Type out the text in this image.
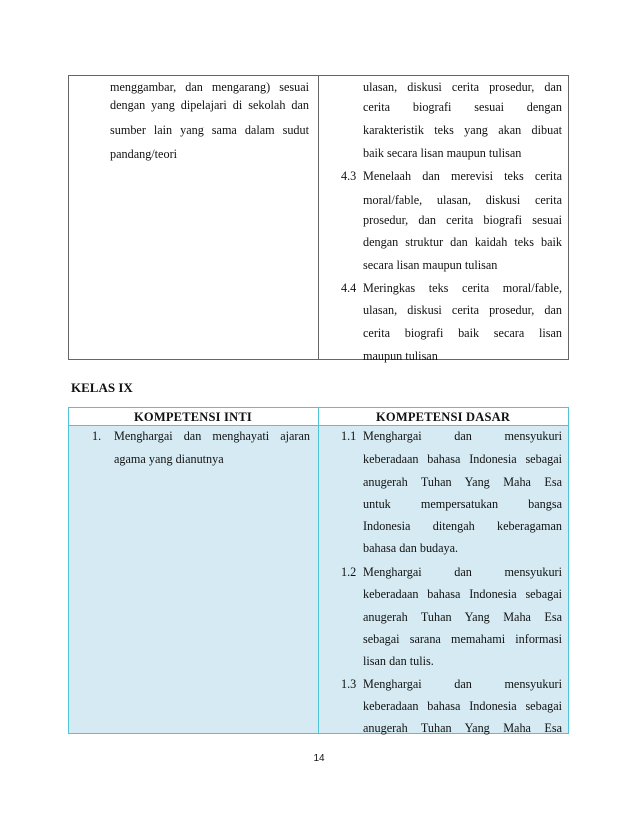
menggambar, dan mengarang) sesuai
dengan yang dipelajari di sekolah dan
sumber lain yang sama dalam sudut
pandang/teori
ulasan, diskusi cerita prosedur, dan
cerita biografi sesuai dengan
karakteristik teks yang akan dibuat
baik secara lisan maupun tulisan
4.3 Menelaah dan merevisi teks cerita
moral/fable, ulasan, diskusi cerita
prosedur, dan cerita biografi sesuai
dengan struktur dan kaidah teks baik
secara lisan maupun tulisan
4.4 Meringkas teks cerita moral/fable,
ulasan, diskusi cerita prosedur, dan
cerita biografi baik secara lisan
maupun tulisan
KELAS IX
KOMPETENSI INTI	KOMPETENSI DASAR
1. Menghargai dan menghayati ajaran
agama yang dianutnya
1.1 Menghargai dan mensyukuri
keberadaan bahasa Indonesia sebagai
anugerah Tuhan Yang Maha Esa
untuk mempersatukan bangsa
Indonesia ditengah keberagaman
bahasa dan budaya.
1.2 Menghargai dan mensyukuri
keberadaan bahasa Indonesia sebagai
anugerah Tuhan Yang Maha Esa
sebagai sarana memahami informasi
lisan dan tulis.
1.3 Menghargai dan mensyukuri
keberadaan bahasa Indonesia sebagai
anugerah Tuhan Yang Maha Esa
14
